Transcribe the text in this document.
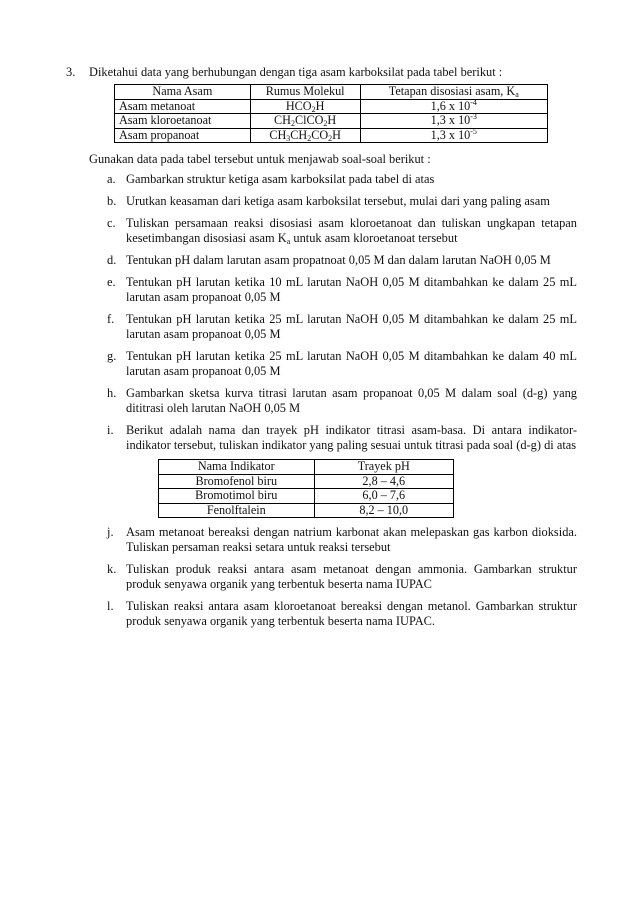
3. Diketahui data yang berhubungan dengan tiga asam karboksilat pada tabel berikut :
Nama Asam	Rumus Molekul	Tetapan disosiasi asam, $K_a$
Asam metanoat	$HCO_2H$	1,6 x $10^{-4}$
Asam kloroetanoat	$CH_2ClCO_2H$	1,3 x $10^{-3}$
Asam propanoat	$CH_3CH_2CO_2H$	1,3 x $10^{-5}$
Gunakan data pada tabel tersebut untuk menjawab soal-soal berikut :
a. Gambarkan struktur ketiga asam karboksilat pada tabel di atas
b. Urutkan keasaman dari ketiga asam karboksilat tersebut, mulai dari yang paling asam
c. Tuliskan persamaan reaksi disosiasi asam kloroetanoat dan tuliskan ungkapan tetapan kesetimbangan disosiasi asam $K_a$ untuk asam kloroetanoat tersebut
d. Tentukan pH dalam larutan asam propatnoat 0,05 M dan dalam larutan NaOH 0,05 M
e. Tentukan pH larutan ketika 10 mL larutan NaOH 0,05 M ditambahkan ke dalam 25 mL larutan asam propanoat 0,05 M
f. Tentukan pH larutan ketika 25 mL larutan NaOH 0,05 M ditambahkan ke dalam 25 mL larutan asam propanoat 0,05 M
g. Tentukan pH larutan ketika 25 mL larutan NaOH 0,05 M ditambahkan ke dalam 40 mL larutan asam propanoat 0,05 M
h. Gambarkan sketsa kurva titrasi larutan asam propanoat 0,05 M dalam soal (d-g) yang dititrasi oleh larutan NaOH 0,05 M
i. Berikut adalah nama dan trayek pH indikator titrasi asam-basa. Di antara indikator-indikator tersebut, tuliskan indikator yang paling sesuai untuk titrasi pada soal (d-g) di atas
Nama Indikator	Trayek pH
Bromofenol biru	2,8 – 4,6
Bromotimol biru	6,0 – 7,6
Fenolftalein	8,2 – 10,0
j. Asam metanoat bereaksi dengan natrium karbonat akan melepaskan gas karbon dioksida. Tuliskan persaman reaksi setara untuk reaksi tersebut
k. Tuliskan produk reaksi antara asam metanoat dengan ammonia. Gambarkan struktur produk senyawa organik yang terbentuk beserta nama IUPAC
l. Tuliskan reaksi antara asam kloroetanoat bereaksi dengan metanol. Gambarkan struktur produk senyawa organik yang terbentuk beserta nama IUPAC.
